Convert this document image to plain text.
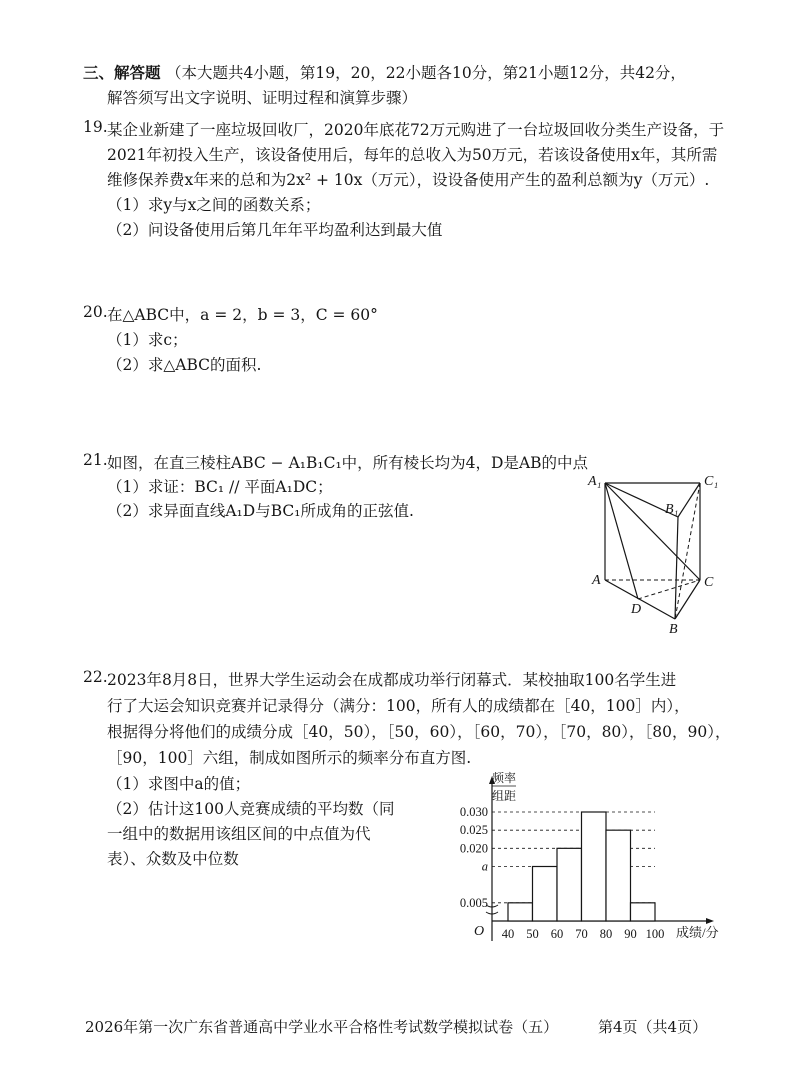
三、解答题 （本大题共4小题，第19，20，22小题各10分，第21小题12分，共42分，
解答须写出文字说明、证明过程和演算步骤）
19. 某企业新建了一座垃圾回收厂，2020年底花72万元购进了一台垃圾回收分类生产设备，于
2021年初投入生产，该设备使用后，每年的总收入为50万元，若该设备使用x年，其所需
维修保养费x年来的总和为2x² + 10x（万元），设设备使用产生的盈利总额为y（万元）.
（1）求y与x之间的函数关系；
（2）问设备使用后第几年年平均盈利达到最大值
20. 在△ABC中，a = 2，b = 3，C = 60°
（1）求c；
（2）求△ABC的面积.
21. 如图，在直三棱柱ABC − A₁B₁C₁中，所有棱长均为4，D是AB的中点
（1）求证：BC₁ // 平面A₁DC；
（2）求异面直线A₁D与BC₁所成角的正弦值.
A₁	C₁
B₁
A	C
D
B
22. 2023年8月8日，世界大学生运动会在成都成功举行闭幕式．某校抽取100名学生进
行了大运会知识竞赛并记录得分（满分：100，所有人的成绩都在［40，100］内），
根据得分将他们的成绩分成［40，50），［50，60），［60，70），［70，80），［80，90），
［90，100］六组，制成如图所示的频率分布直方图.
（1）求图中a的值；
（2）估计这100人竞赛成绩的平均数（同
一组中的数据用该组区间的中点值为代
表）、众数及中位数
频率
组距
O	成绩/分
0.005
a
0.020
0.025
0.030
40 50 60 70 80 90 100
2026年第一次广东省普通高中学业水平合格性考试数学模拟试卷（五）	第4页（共4页）
